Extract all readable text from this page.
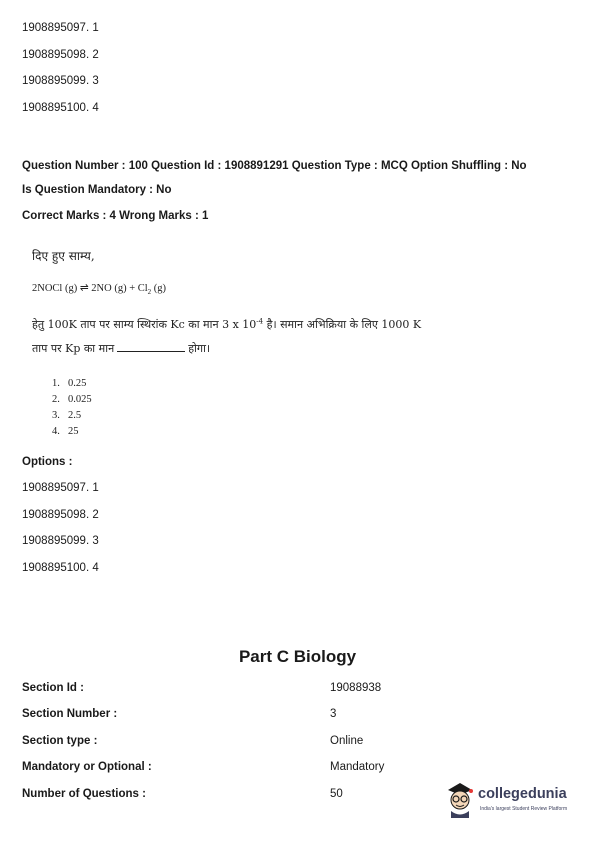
1908895097. 1
1908895098. 2
1908895099. 3
1908895100. 4
Question Number : 100 Question Id : 1908891291 Question Type : MCQ Option Shuffling : No
Is Question Mandatory : No
Correct Marks : 4 Wrong Marks : 1
दिए हुए साम्य,
2NOCl (g) ⇌ 2NO $(g) + Cl_2$ (g)
हेतु 100K ताप पर साम्य स्थिरांक Kc का मान 3 x $10^{-4}$ है। समान अभिक्रिया के लिए 1000 K
ताप पर Kp का मान	होगा।
1. 0.25
2. 0.025
3. 2.5
4. 25
Options :
1908895097. 1
1908895098. 2
1908895099. 3
1908895100. 4
Part C Biology
Section Id :	19088938
Section Number :	3
Section type :	Online
Mandatory or Optional :	Mandatory
Number of Questions :	50	collegedunia
India's largest Student Review Platform
